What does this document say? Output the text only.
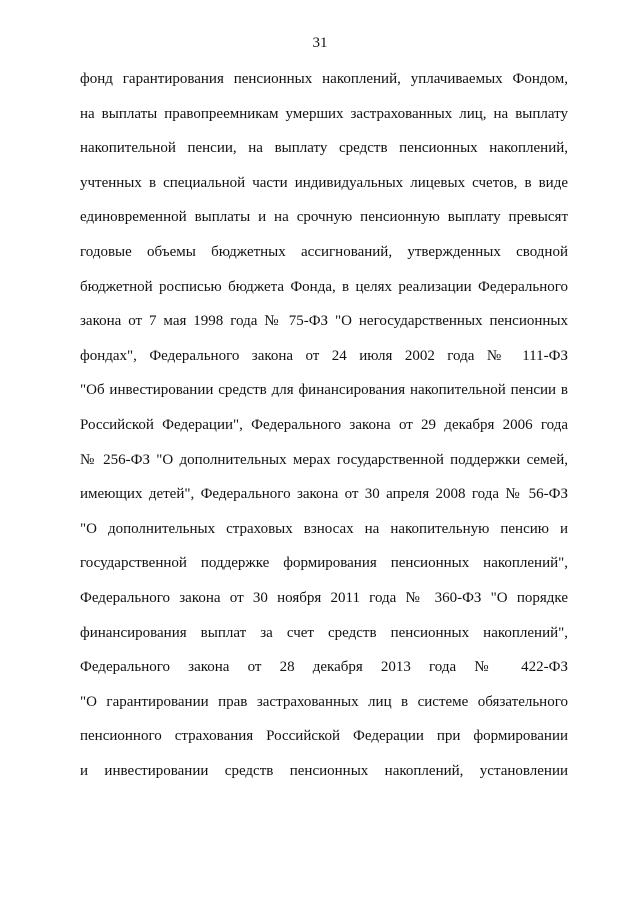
31
фонд гарантирования пенсионных накоплений, уплачиваемых Фондом,
на выплаты правопреемникам умерших застрахованных лиц, на выплату
накопительной пенсии, на выплату средств пенсионных накоплений,
учтенных в специальной части индивидуальных лицевых счетов, в виде
единовременной выплаты и на срочную пенсионную выплату превысят
годовые объемы бюджетных ассигнований, утвержденных сводной
бюджетной росписью бюджета Фонда, в целях реализации Федерального
закона от 7 мая 1998 года № 75-ФЗ "О негосударственных пенсионных
фондах", Федерального закона от 24 июля 2002 года № 111-ФЗ
"Об инвестировании средств для финансирования накопительной пенсии в
Российской Федерации", Федерального закона от 29 декабря 2006 года
№ 256-ФЗ "О дополнительных мерах государственной поддержки семей,
имеющих детей", Федерального закона от 30 апреля 2008 года № 56-ФЗ
"О дополнительных страховых взносах на накопительную пенсию и
государственной поддержке формирования пенсионных накоплений",
Федерального закона от 30 ноября 2011 года № 360-ФЗ "О порядке
финансирования выплат за счет средств пенсионных накоплений",
Федерального закона от 28 декабря 2013 года № 422-ФЗ
"О гарантировании прав застрахованных лиц в системе обязательного
пенсионного страхования Российской Федерации при формировании
и инвестировании средств пенсионных накоплений, установлении
